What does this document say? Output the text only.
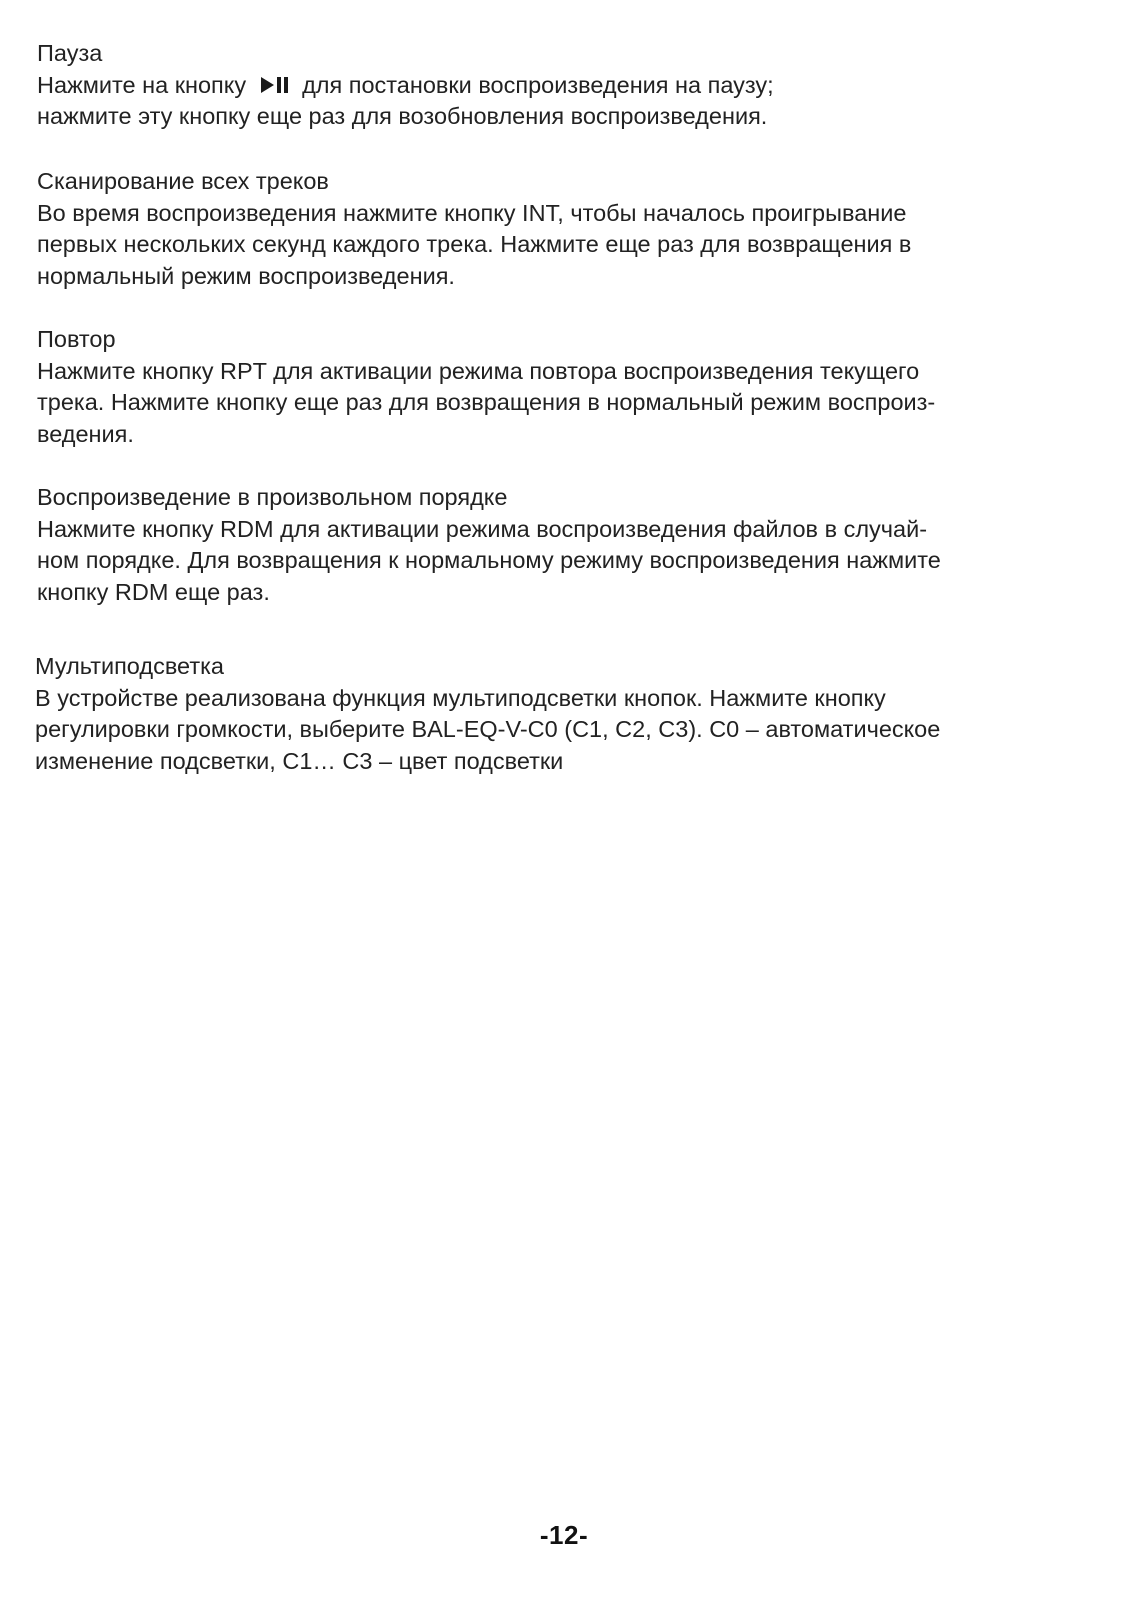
Пауза
Нажмите на кнопку для постановки воспроизведения на паузу;
нажмите эту кнопку еще раз для возобновления воспроизведения.
Сканирование всех треков
Во время воспроизведения нажмите кнопку INT, чтобы началось проигрывание
первых нескольких секунд каждого трека. Нажмите еще раз для возвращения в
нормальный режим воспроизведения.
Повтор
Нажмите кнопку RPT для активации режима повтора воспроизведения текущего
трека. Нажмите кнопку еще раз для возвращения в нормальный режим воспроиз-
ведения.
Воспроизведение в произвольном порядке
Нажмите кнопку RDM для активации режима воспроизведения файлов в случай-
ном порядке. Для возвращения к нормальному режиму воспроизведения нажмите
кнопку RDM еще раз.
Мультиподсветка
В устройстве реализована функция мультиподсветки кнопок. Нажмите кнопку
регулировки громкости, выберите BAL-EQ-V-C0 (C1, C2, C3). C0 – автоматическое
изменение подсветки, C1… C3 – цвет подсветки
-12-
